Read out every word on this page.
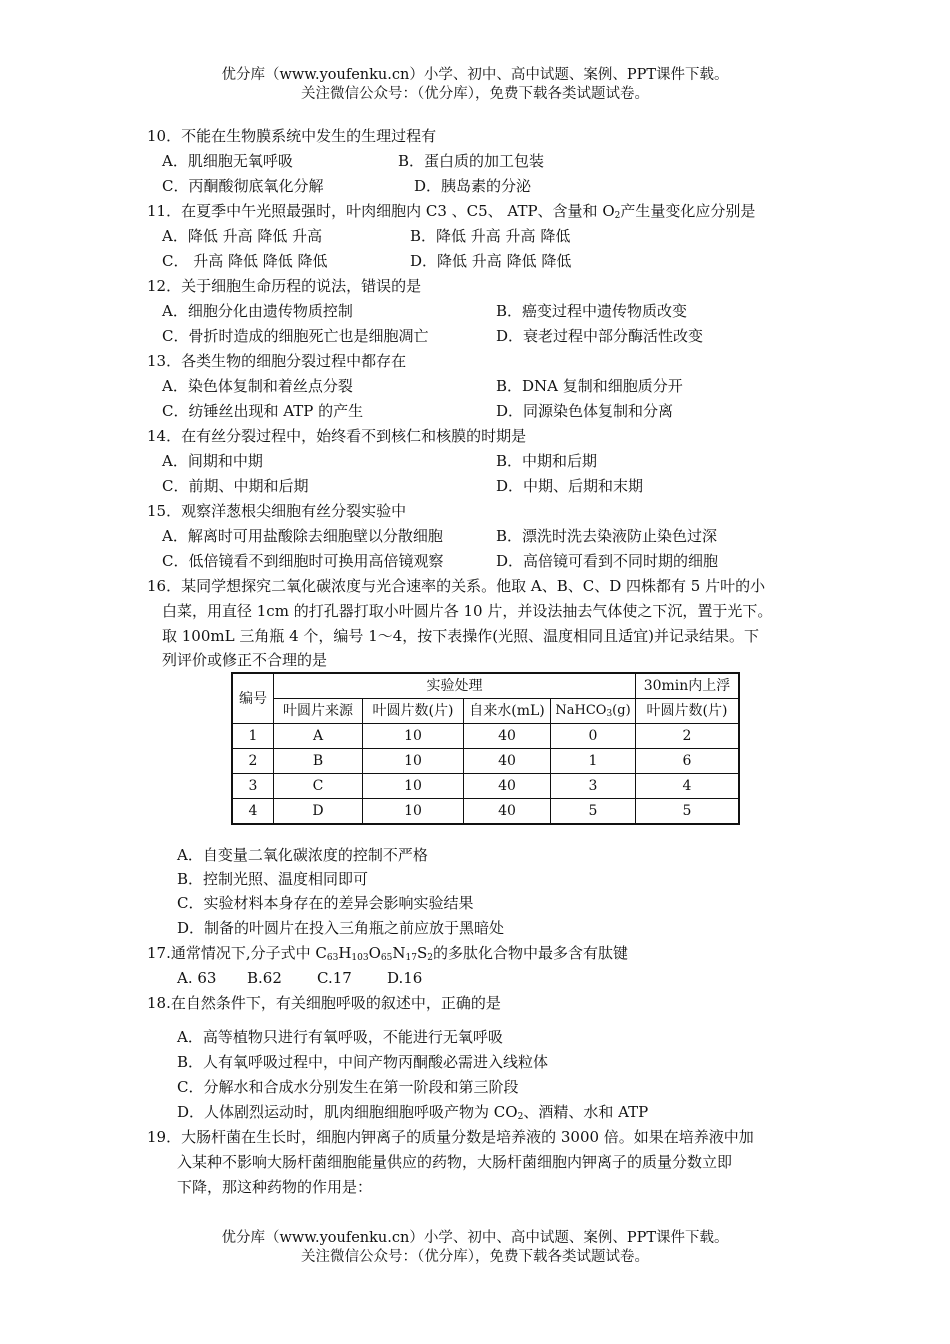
优分库（www.youfenku.cn）小学、初中、高中试题、案例、PPT课件下载。
关注微信公众号：（优分库），免费下载各类试题试卷。
10．不能在生物膜系统中发生的生理过程有
A．肌细胞无氧呼吸	B．蛋白质的加工包装
C．丙酮酸彻底氧化分解	D．胰岛素的分泌
11．在夏季中午光照最强时，叶肉细胞内 C3 、C5、 ATP、含量和 $O_2$产生量变化应分别是
A．降低 升高 降低 升高	B．降低 升高 升高 降低
C． 升高 降低 降低 降低	D．降低 升高 降低 降低
12．关于细胞生命历程的说法，错误的是
A．细胞分化由遗传物质控制	B．癌变过程中遗传物质改变
C．骨折时造成的细胞死亡也是细胞凋亡	D．衰老过程中部分酶活性改变
13．各类生物的细胞分裂过程中都存在
A．染色体复制和着丝点分裂	B．DNA 复制和细胞质分开
C．纺锤丝出现和 ATP 的产生	D．同源染色体复制和分离
14．在有丝分裂过程中，始终看不到核仁和核膜的时期是
A．间期和中期	B．中期和后期
C．前期、中期和后期	D．中期、后期和末期
15．观察洋葱根尖细胞有丝分裂实验中
A．解离时可用盐酸除去细胞壁以分散细胞	B．漂洗时洗去染液防止染色过深
C．低倍镜看不到细胞时可换用高倍镜观察	D．高倍镜可看到不同时期的细胞
16．某同学想探究二氧化碳浓度与光合速率的关系。他取 A、B、C、D 四株都有 5 片叶的小
白菜，用直径 1cm 的打孔器打取小叶圆片各 10 片，并设法抽去气体使之下沉，置于光下。
取 100mL 三角瓶 4 个，编号 1～4，按下表操作(光照、温度相同且适宜)并记录结果。下
列评价或修正不合理的是
编号	实验处理				30min内上浮
	叶圆片来源	叶圆片数(片)	自来水(mL)	NaHCO$_3$(g)	叶圆片数(片)
1	A	10	40	0	2
2	B	10	40	1	6
3	C	10	40	3	4
4	D	10	40	5	5
A．自变量二氧化碳浓度的控制不严格
B．控制光照、温度相同即可
C．实验材料本身存在的差异会影响实验结果
D．制备的叶圆片在投入三角瓶之前应放于黑暗处
17.通常情况下,分子式中 $C_{63}H_{103}O_{65}N_{17}S_2$的多肽化合物中最多含有肽键
A. 63 B.62 C.17 D.16
18.在自然条件下，有关细胞呼吸的叙述中，正确的是
A．高等植物只进行有氧呼吸，不能进行无氧呼吸
B．人有氧呼吸过程中，中间产物丙酮酸必需进入线粒体
C．分解水和合成水分别发生在第一阶段和第三阶段
D．人体剧烈运动时，肌肉细胞细胞呼吸产物为 $CO_2$、酒精、水和 ATP
19．大肠杆菌在生长时，细胞内钾离子的质量分数是培养液的 3000 倍。如果在培养液中加
入某种不影响大肠杆菌细胞能量供应的药物，大肠杆菌细胞内钾离子的质量分数立即
下降，那这种药物的作用是：
优分库（www.youfenku.cn）小学、初中、高中试题、案例、PPT课件下载。
关注微信公众号：（优分库），免费下载各类试题试卷。
